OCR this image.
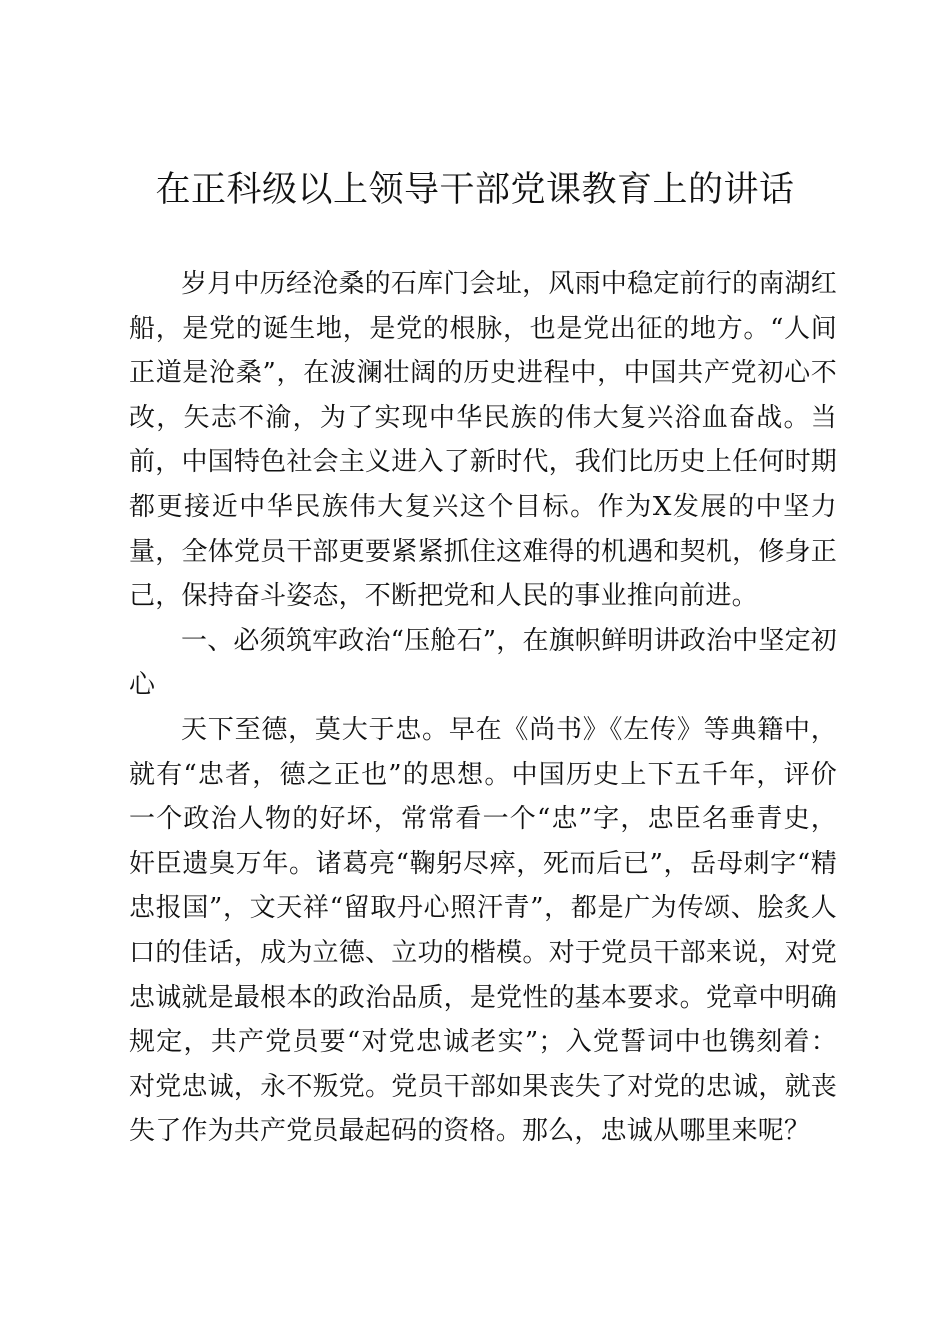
在正科级以上领导干部党课教育上的讲话

岁月中历经沧桑的石库门会址，风雨中稳定前行的南湖红船，是党的诞生地，是党的根脉，也是党出征的地方。“人间正道是沧桑”，在波澜壮阔的历史进程中，中国共产党初心不改，矢志不渝，为了实现中华民族的伟大复兴浴血奋战。当前，中国特色社会主义进入了新时代，我们比历史上任何时期都更接近中华民族伟大复兴这个目标。作为X发展的中坚力量，全体党员干部更要紧紧抓住这难得的机遇和契机，修身正己，保持奋斗姿态，不断把党和人民的事业推向前进。

一、必须筑牢政治“压舱石”，在旗帜鲜明讲政治中坚定初心

天下至德，莫大于忠。早在《尚书》《左传》等典籍中，就有“忠者，德之正也”的思想。中国历史上下五千年，评价一个政治人物的好坏，常常看一个“忠”字，忠臣名垂青史，奸臣遗臭万年。诸葛亮“鞠躬尽瘁，死而后已”，岳母刺字“精忠报国”，文天祥“留取丹心照汗青”，都是广为传颂、脍炙人口的佳话，成为立德、立功的楷模。对于党员干部来说，对党忠诚就是最根本的政治品质，是党性的基本要求。党章中明确规定，共产党员要“对党忠诚老实”；入党誓词中也镌刻着：对党忠诚，永不叛党。党员干部如果丧失了对党的忠诚，就丧失了作为共产党员最起码的资格。那么，忠诚从哪里来呢？
